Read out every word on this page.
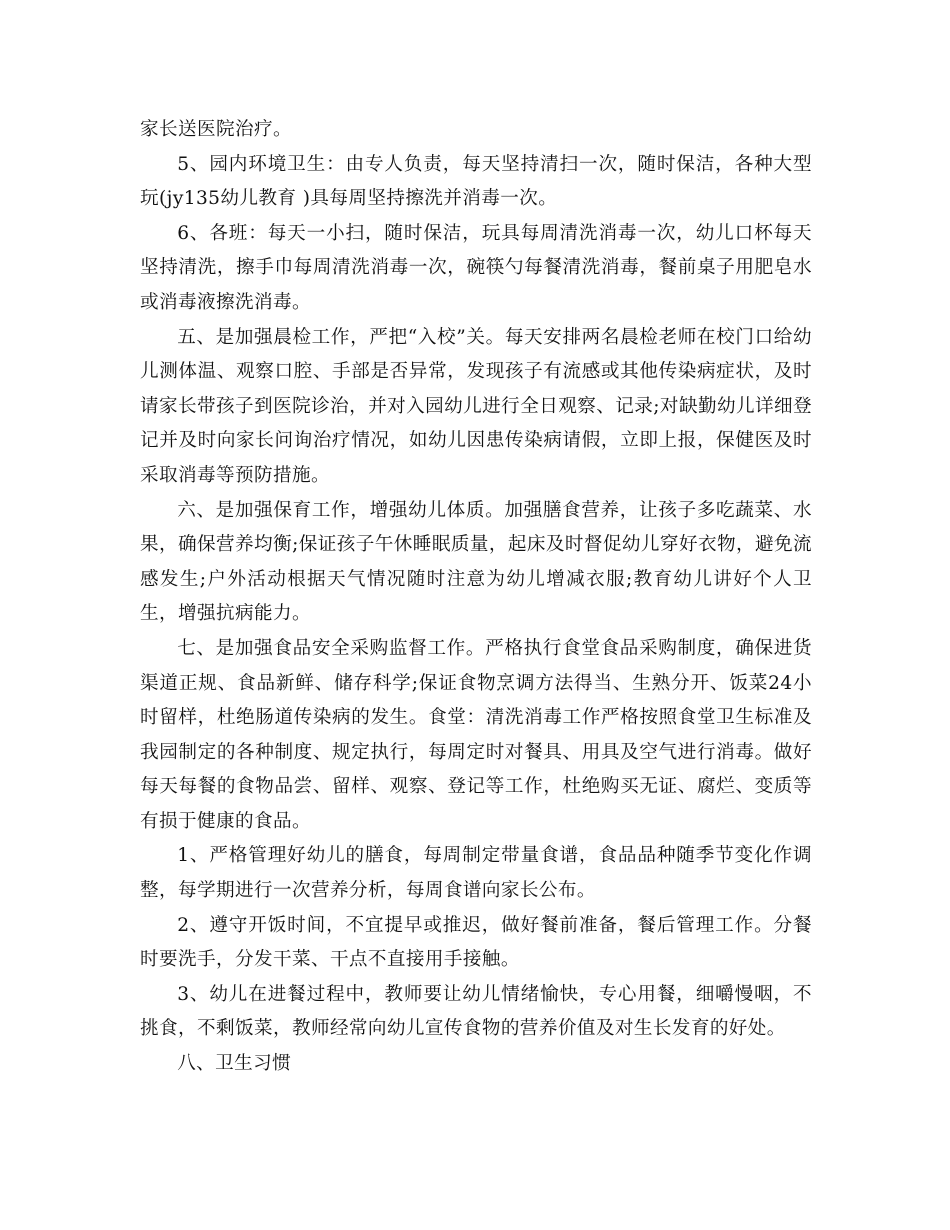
家长送医院治疗。

5、园内环境卫生：由专人负责，每天坚持清扫一次，随时保洁，各种大型玩(jy135幼儿教育 )具每周坚持擦洗并消毒一次。

6、各班：每天一小扫，随时保洁，玩具每周清洗消毒一次，幼儿口杯每天坚持清洗，擦手巾每周清洗消毒一次，碗筷勺每餐清洗消毒，餐前桌子用肥皂水或消毒液擦洗消毒。

五、是加强晨检工作，严把“入校”关。每天安排两名晨检老师在校门口给幼儿测体温、观察口腔、手部是否异常，发现孩子有流感或其他传染病症状，及时请家长带孩子到医院诊治，并对入园幼儿进行全日观察、记录;对缺勤幼儿详细登记并及时向家长问询治疗情况，如幼儿因患传染病请假，立即上报，保健医及时采取消毒等预防措施。

六、是加强保育工作，增强幼儿体质。加强膳食营养，让孩子多吃蔬菜、水果，确保营养均衡;保证孩子午休睡眠质量，起床及时督促幼儿穿好衣物，避免流感发生;户外活动根据天气情况随时注意为幼儿增减衣服;教育幼儿讲好个人卫生，增强抗病能力。

七、是加强食品安全采购监督工作。严格执行食堂食品采购制度，确保进货渠道正规、食品新鲜、储存科学;保证食物烹调方法得当、生熟分开、饭菜24小时留样，杜绝肠道传染病的发生。食堂：清洗消毒工作严格按照食堂卫生标准及我园制定的各种制度、规定执行，每周定时对餐具、用具及空气进行消毒。做好每天每餐的食物品尝、留样、观察、登记等工作，杜绝购买无证、腐烂、变质等有损于健康的食品。

1、严格管理好幼儿的膳食，每周制定带量食谱，食品品种随季节变化作调整，每学期进行一次营养分析，每周食谱向家长公布。

2、遵守开饭时间，不宜提早或推迟，做好餐前准备，餐后管理工作。分餐时要洗手，分发干菜、干点不直接用手接触。

3、幼儿在进餐过程中，教师要让幼儿情绪愉快，专心用餐，细嚼慢咽，不挑食，不剩饭菜，教师经常向幼儿宣传食物的营养价值及对生长发育的好处。

八、卫生习惯
